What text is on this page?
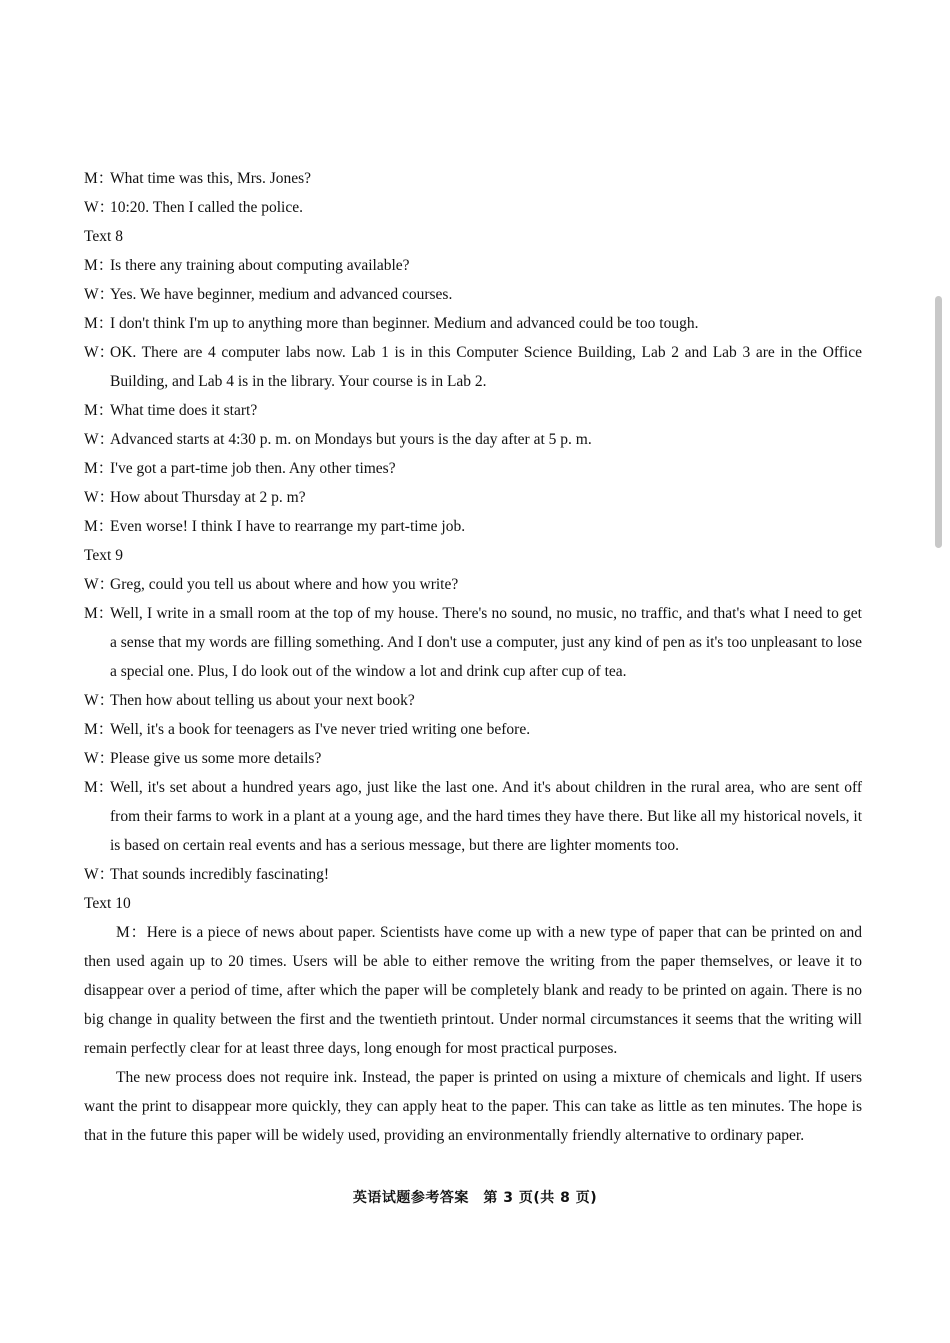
M：What time was this, Mrs. Jones?

W：10:20. Then I called the police.

Text 8

M：Is there any training about computing available?

W：Yes. We have beginner, medium and advanced courses.

M：I don't think I'm up to anything more than beginner. Medium and advanced could be too tough.

W：OK. There are 4 computer labs now. Lab 1 is in this Computer Science Building, Lab 2 and Lab 3 are in the Office Building, and Lab 4 is in the library. Your course is in Lab 2.

M：What time does it start?

W：Advanced starts at 4:30 p. m. on Mondays but yours is the day after at 5 p. m.

M：I've got a part-time job then. Any other times?

W：How about Thursday at 2 p. m?

M：Even worse! I think I have to rearrange my part-time job.

Text 9

W：Greg, could you tell us about where and how you write?

M：Well, I write in a small room at the top of my house. There's no sound, no music, no traffic, and that's what I need to get a sense that my words are filling something. And I don't use a computer, just any kind of pen as it's too unpleasant to lose a special one. Plus, I do look out of the window a lot and drink cup after cup of tea.

W：Then how about telling us about your next book?

M：Well, it's a book for teenagers as I've never tried writing one before.

W：Please give us some more details?

M：Well, it's set about a hundred years ago, just like the last one. And it's about children in the rural area, who are sent off from their farms to work in a plant at a young age, and the hard times they have there. But like all my historical novels, it is based on certain real events and has a serious message, but there are lighter moments too.

W：That sounds incredibly fascinating!

Text 10

M：Here is a piece of news about paper. Scientists have come up with a new type of paper that can be printed on and then used again up to 20 times. Users will be able to either remove the writing from the paper themselves, or leave it to disappear over a period of time, after which the paper will be completely blank and ready to be printed on again. There is no big change in quality between the first and the twentieth printout. Under normal circumstances it seems that the writing will remain perfectly clear for at least three days, long enough for most practical purposes.

The new process does not require ink. Instead, the paper is printed on using a mixture of chemicals and light. If users want the print to disappear more quickly, they can apply heat to the paper. This can take as little as ten minutes. The hope is that in the future this paper will be widely used, providing an environmentally friendly alternative to ordinary paper.

英语试题参考答案　第 3 页(共 8 页)
